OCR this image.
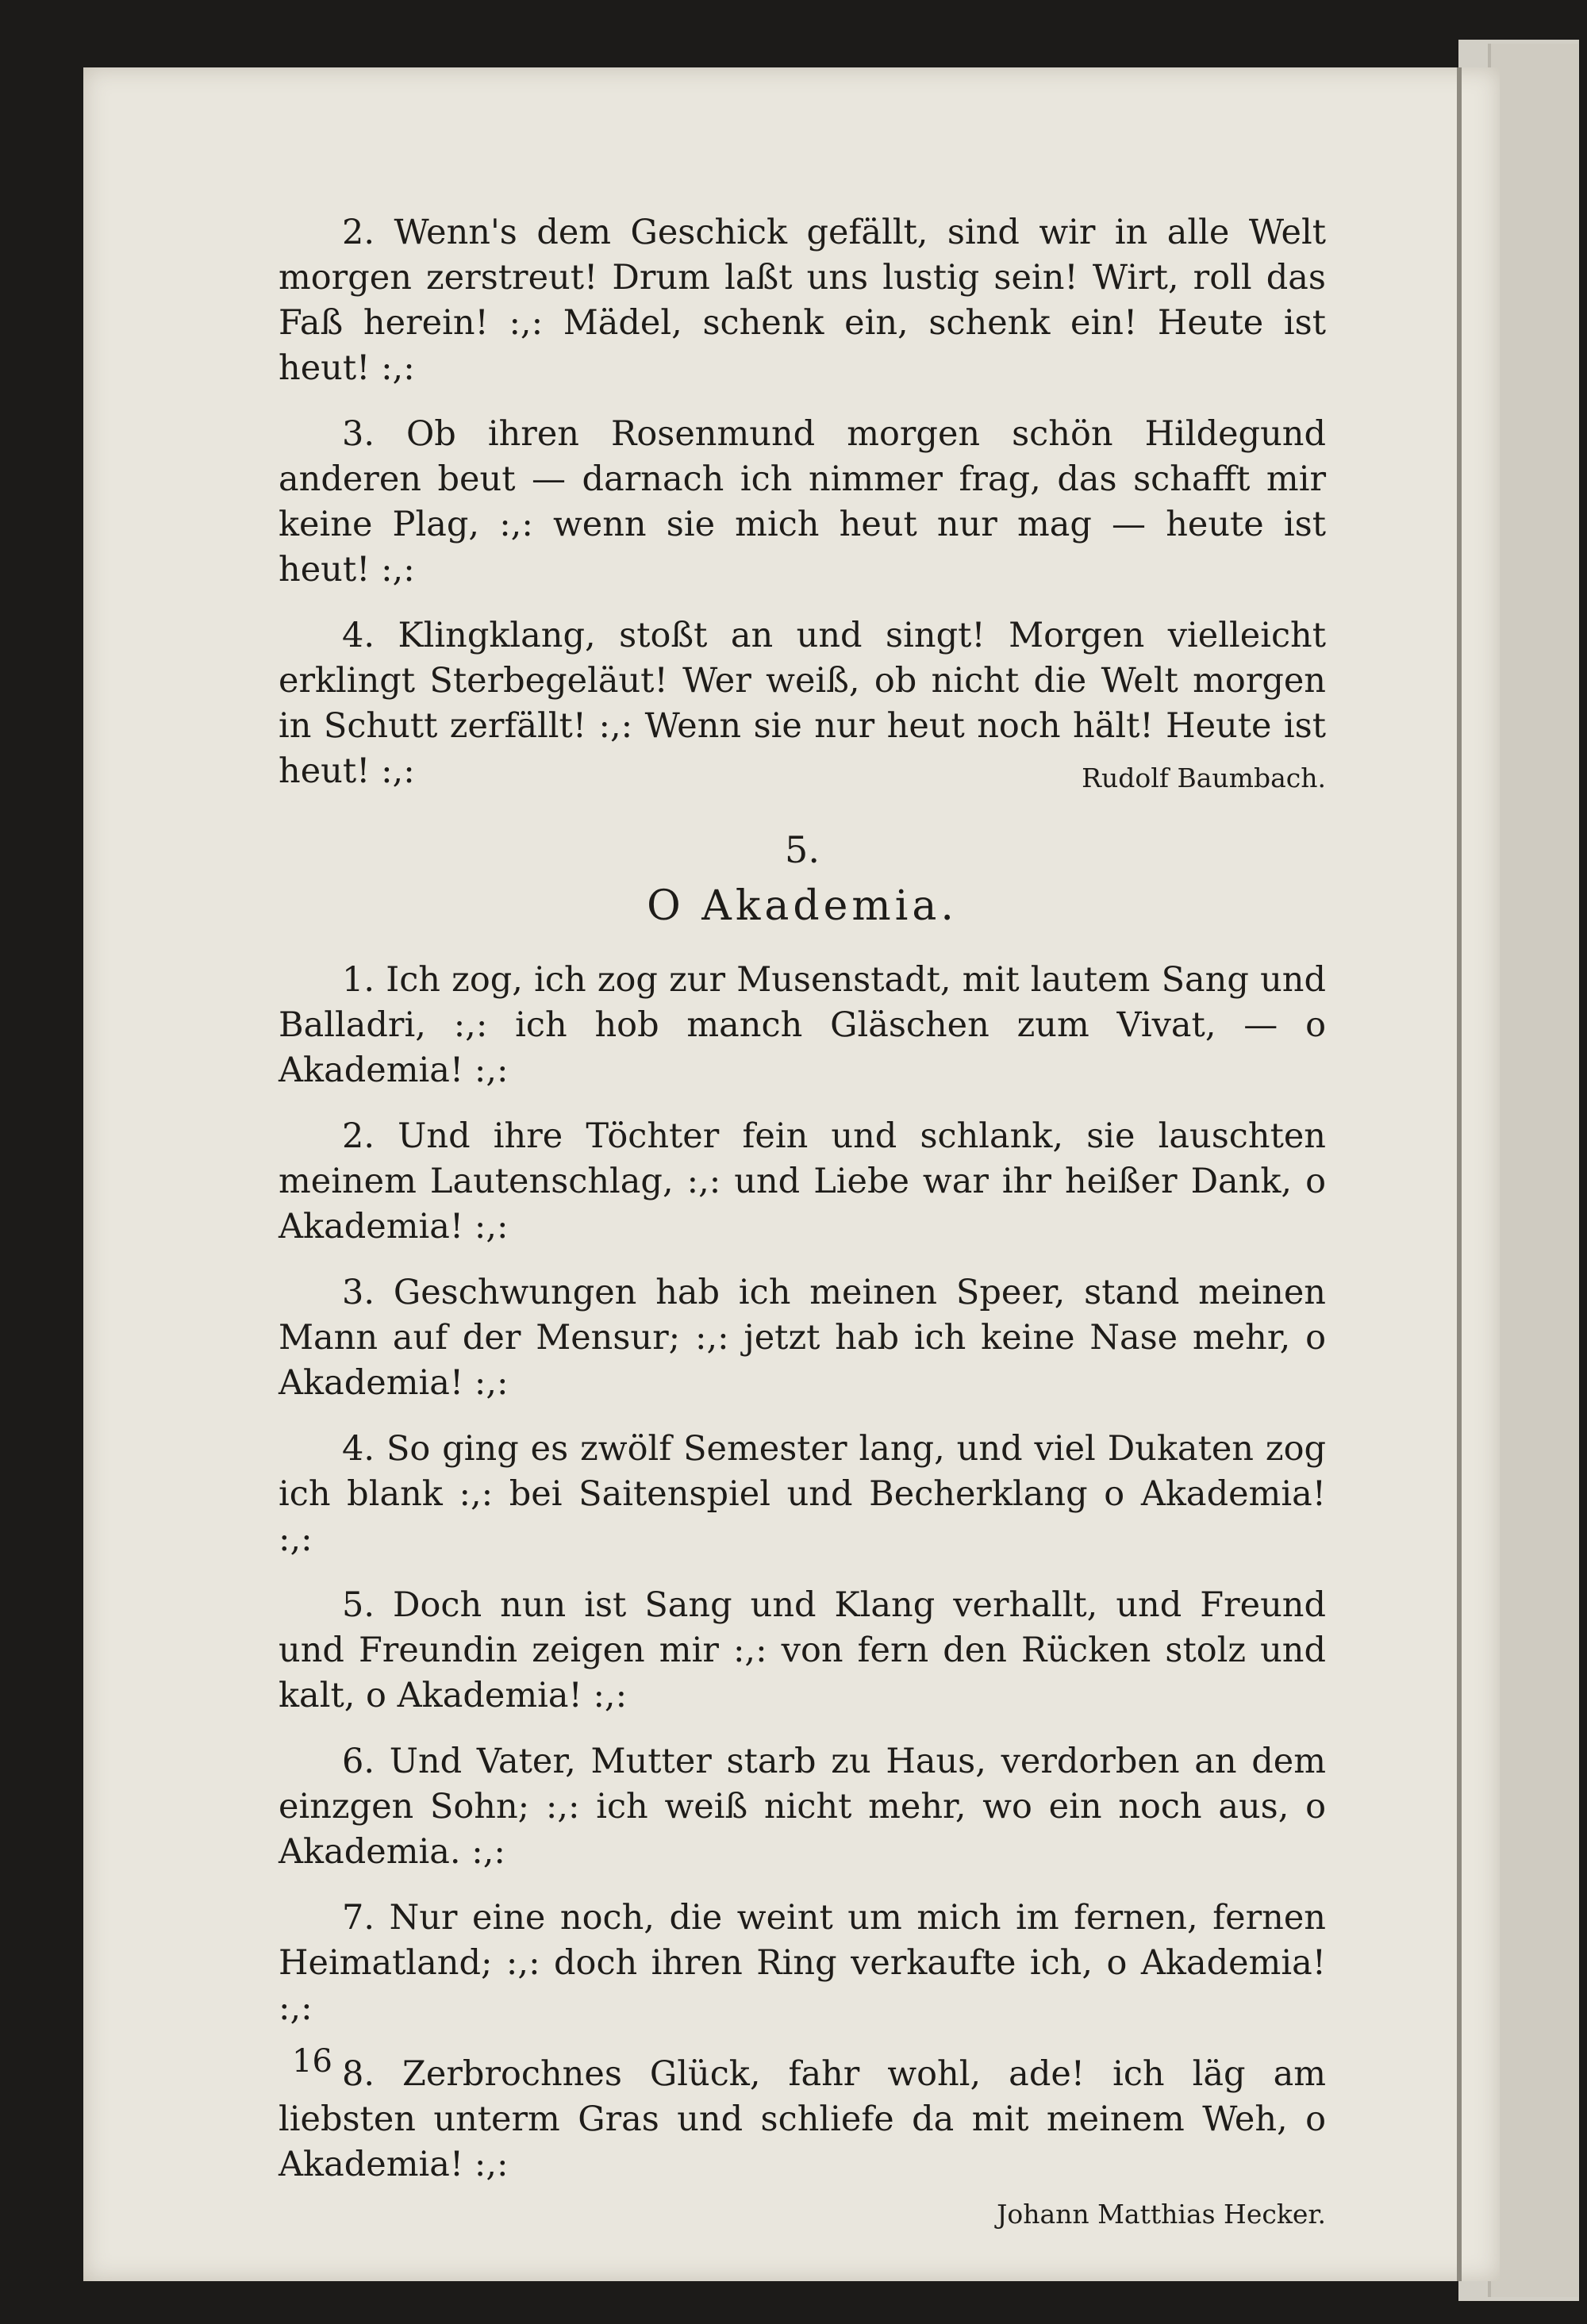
2. Wenn's dem Geschick gefällt, sind wir in alle Welt morgen zerstreut! Drum laßt uns lustig sein! Wirt, roll das Faß herein! :,: Mädel, schenk ein, schenk ein! Heute ist heut! :,:

3. Ob ihren Rosenmund morgen schön Hildegund anderen beut — darnach ich nimmer frag, das schafft mir keine Plag, :,: wenn sie mich heut nur mag — heute ist heut! :,:

4. Klingklang, stoßt an und singt! Morgen vielleicht erklingt Sterbegeläut! Wer weiß, ob nicht die Welt morgen in Schutt zerfällt! :,: Wenn sie nur heut noch hält! Heute ist heut! :,:	Rudolf Baumbach.
5.
O Akademia.

1. Ich zog, ich zog zur Musenstadt, mit lautem Sang und Balladri, :,: ich hob manch Gläschen zum Vivat, — o Akademia! :,:

2. Und ihre Töchter fein und schlank, sie lauschten meinem Lautenschlag, :,: und Liebe war ihr heißer Dank, o Akademia! :,:

3. Geschwungen hab ich meinen Speer, stand meinen Mann auf der Mensur; :,: jetzt hab ich keine Nase mehr, o Akademia! :,:

4. So ging es zwölf Semester lang, und viel Dukaten zog ich blank :,: bei Saitenspiel und Becherklang o Akademia! :,:

5. Doch nun ist Sang und Klang verhallt, und Freund und Freundin zeigen mir :,: von fern den Rücken stolz und kalt, o Akademia! :,:

6. Und Vater, Mutter starb zu Haus, verdorben an dem einzgen Sohn; :,: ich weiß nicht mehr, wo ein noch aus, o Akademia. :,:

7. Nur eine noch, die weint um mich im fernen, fernen Heimatland; :,: doch ihren Ring verkaufte ich, o Akademia! :,:

8. Zerbrochnes Glück, fahr wohl, ade! ich läg am liebsten unterm Gras und schliefe da mit meinem Weh, o Akademia! :,:

Johann Matthias Hecker.
16
